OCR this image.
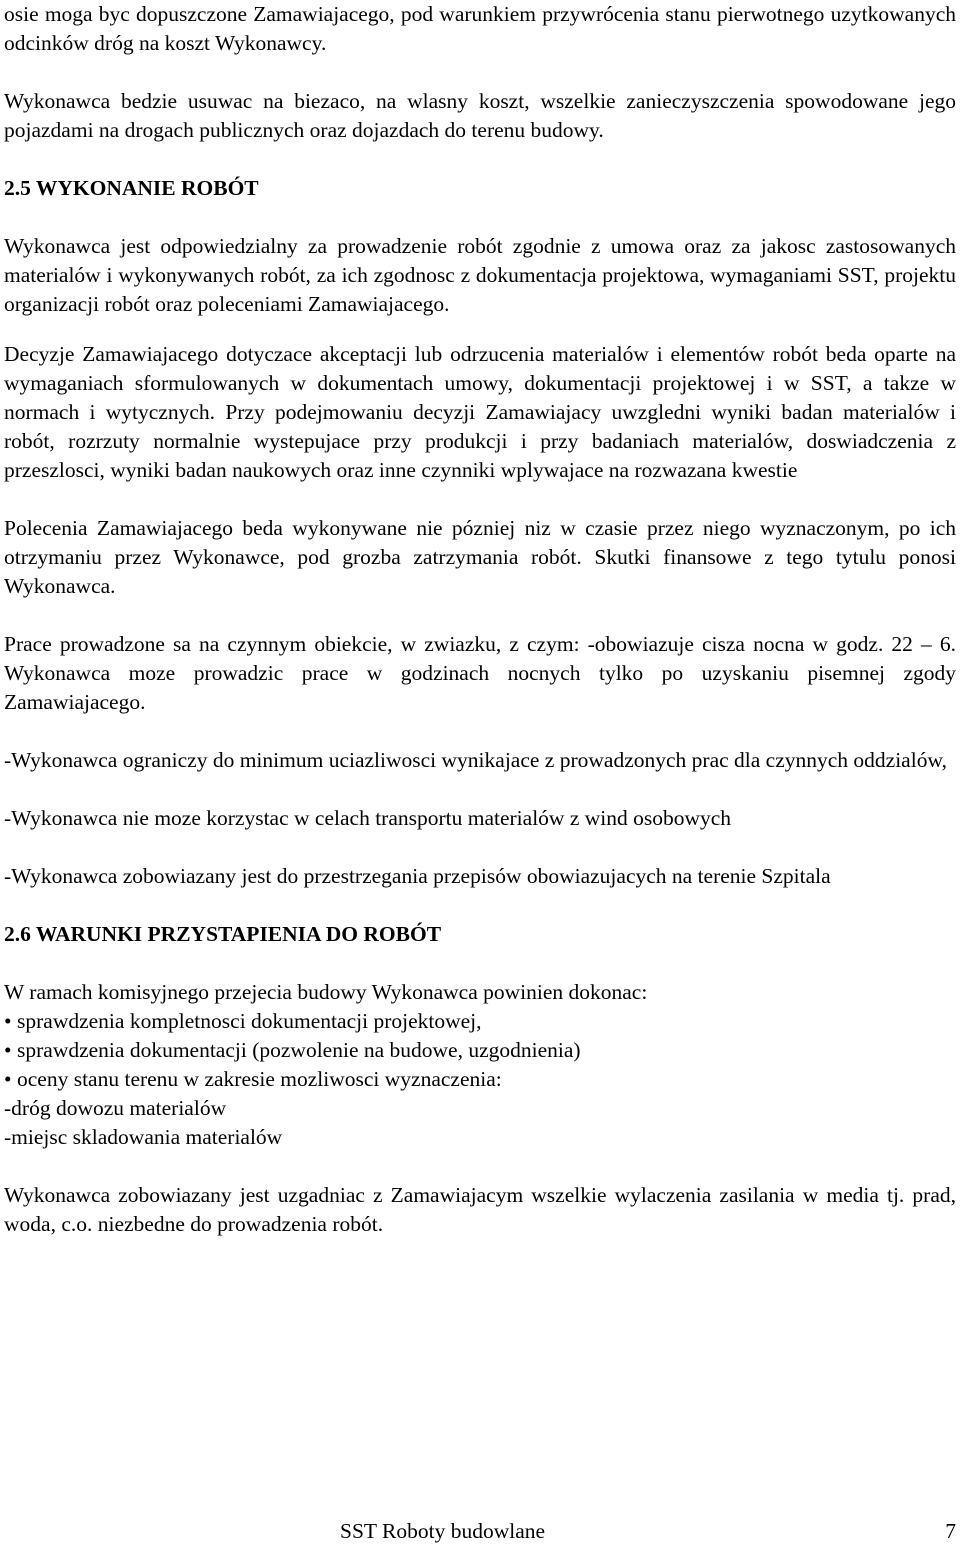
osie moga byc dopuszczone Zamawiajacego, pod warunkiem przywrócenia stanu pierwotnego uzytkowanych odcinków dróg na koszt Wykonawcy.

Wykonawca bedzie usuwac na biezaco, na wlasny koszt, wszelkie zanieczyszczenia spowodowane jego pojazdami na drogach publicznych oraz dojazdach do terenu budowy.

2.5 WYKONANIE ROBÓT

Wykonawca jest odpowiedzialny za prowadzenie robót zgodnie z umowa oraz za jakosc zastosowanych materialów i wykonywanych robót, za ich zgodnosc z dokumentacja projektowa, wymaganiami SST, projektu organizacji robót oraz poleceniami Zamawiajacego.

Decyzje Zamawiajacego dotyczace akceptacji lub odrzucenia materialów i elementów robót beda oparte na wymaganiach sformulowanych w dokumentach umowy, dokumentacji projektowej i w SST, a takze w normach i wytycznych. Przy podejmowaniu decyzji Zamawiajacy uwzgledni wyniki badan materialów i robót, rozrzuty normalnie wystepujace przy produkcji i przy badaniach materialów, doswiadczenia z przeszlosci, wyniki badan naukowych oraz inne czynniki wplywajace na rozwazana kwestie

Polecenia Zamawiajacego beda wykonywane nie pózniej niz w czasie przez niego wyznaczonym, po ich otrzymaniu przez Wykonawce, pod grozba zatrzymania robót. Skutki finansowe z tego tytulu ponosi Wykonawca.

Prace prowadzone sa na czynnym obiekcie, w zwiazku, z czym: -obowiazuje cisza nocna w godz. 22 – 6. Wykonawca moze prowadzic prace w godzinach nocnych tylko po uzyskaniu pisemnej zgody Zamawiajacego.

-Wykonawca ograniczy do minimum uciazliwosci wynikajace z prowadzonych prac dla czynnych oddzialów,

-Wykonawca nie moze korzystac w celach transportu materialów z wind osobowych

-Wykonawca zobowiazany jest do przestrzegania przepisów obowiazujacych na terenie Szpitala

2.6 WARUNKI PRZYSTAPIENIA DO ROBÓT

W ramach komisyjnego przejecia budowy Wykonawca powinien dokonac:

• sprawdzenia kompletnosci dokumentacji projektowej,
• sprawdzenia dokumentacji (pozwolenie na budowe, uzgodnienia)
• oceny stanu terenu w zakresie mozliwosci wyznaczenia:

-dróg dowozu materialów

-miejsc skladowania materialów

Wykonawca zobowiazany jest uzgadniac z Zamawiajacym wszelkie wylaczenia zasilania w media tj. prad, woda, c.o. niezbedne do prowadzenia robót.

SST Roboty budowlane	7
